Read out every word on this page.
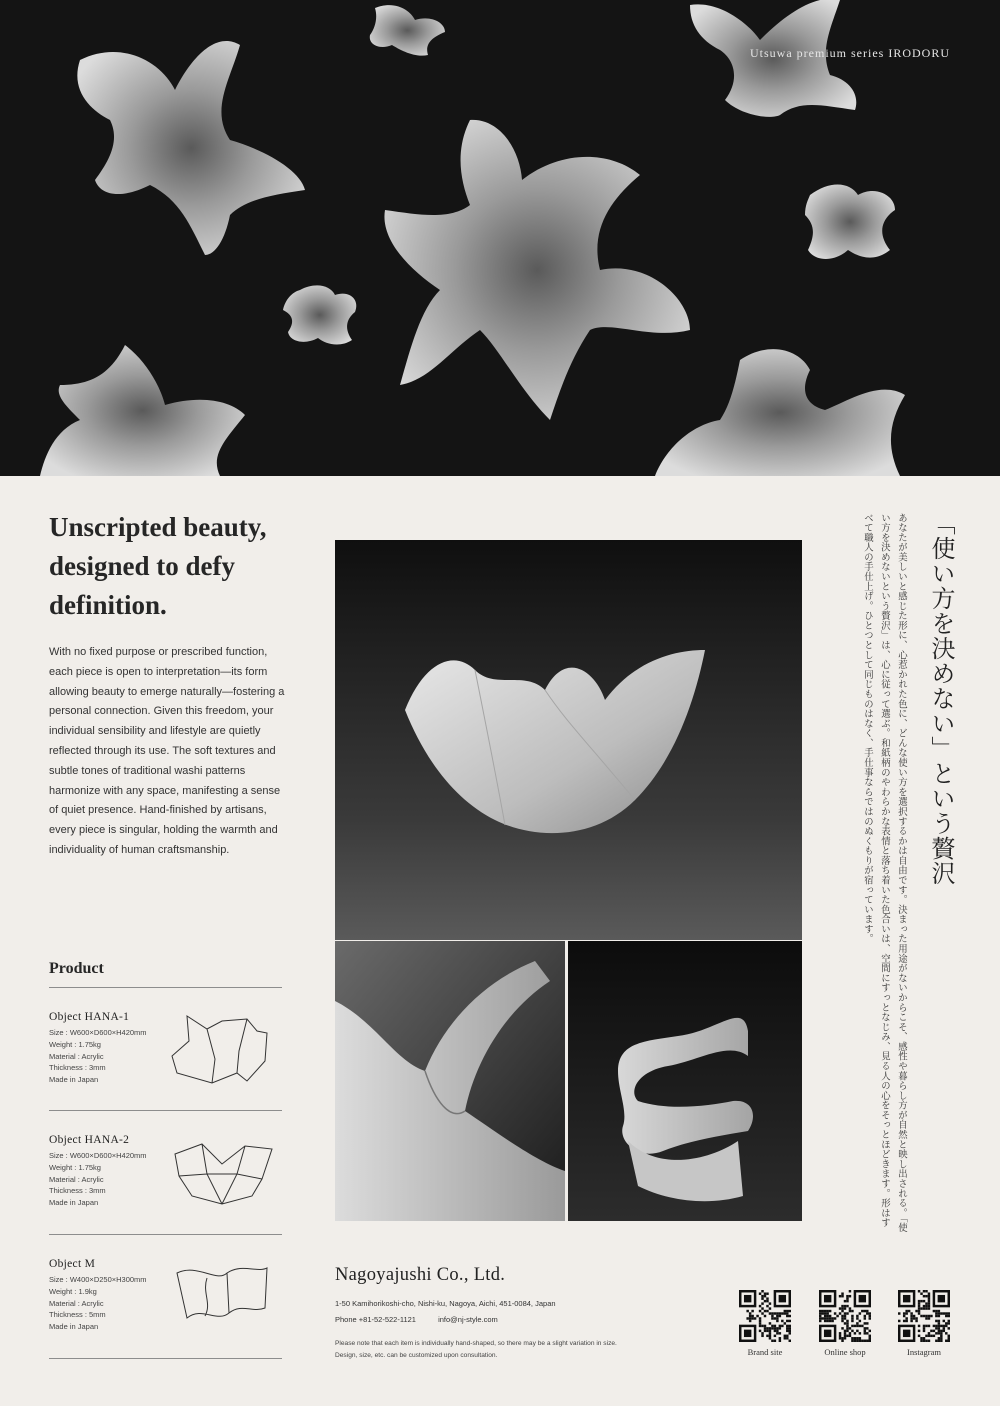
Utsuwa premium series IRODORU
Unscripted beauty, designed to defy definition.

With no fixed purpose or prescribed function, each piece is open to interpretation—its form allowing beauty to emerge naturally—fostering a personal connection. Given this freedom, your individual sensibility and lifestyle are quietly reflected through its use. The soft textures and subtle tones of traditional washi patterns harmonize with any space, manifesting a sense of quiet presence. Hand-finished by artisans, every piece is singular, holding the warmth and individuality of human craftsmanship.

Product
Object HANA-1
Size : W600×D600×H420mm
Weight : 1.75kg
Material : Acrylic
Thickness : 3mm
Made in Japan
Object HANA-2
Size : W600×D600×H420mm
Weight : 1.75kg
Material : Acrylic
Thickness : 3mm
Made in Japan
Object M
Size : W400×D250×H300mm
Weight : 1.9kg
Material : Acrylic
Thickness : 5mm
Made in Japan
「使い方を決めない」という贅沢
あなたが美しいと感じた形に、心惹かれた色に、どんな使い方を選択するかは自由です。決まった用途がないからこそ、感性や暮らし方が自然と映し出される。「使い方を決めないという贅沢」は、心に従って選ぶ。和紙柄のやわらかな表情と落ち着いた色合いは、空間にすっとなじみ、見る人の心をそっとほどきます。形はすべて職人の手仕上げ。ひとつとして同じものはなく、手仕事ならではのぬくもりが宿っています。
Nagoyajushi Co., Ltd.
1-50 Kamihorikoshi-cho, Nishi-ku, Nagoya, Aichi, 451-0084, Japan
Phone +81-52-522-1121	info@nj-style.com
Please note that each item is individually hand-shaped, so there may be a slight variation in size.
Design, size, etc. can be customized upon consultation.	Brand site	Online shop	Instagram
